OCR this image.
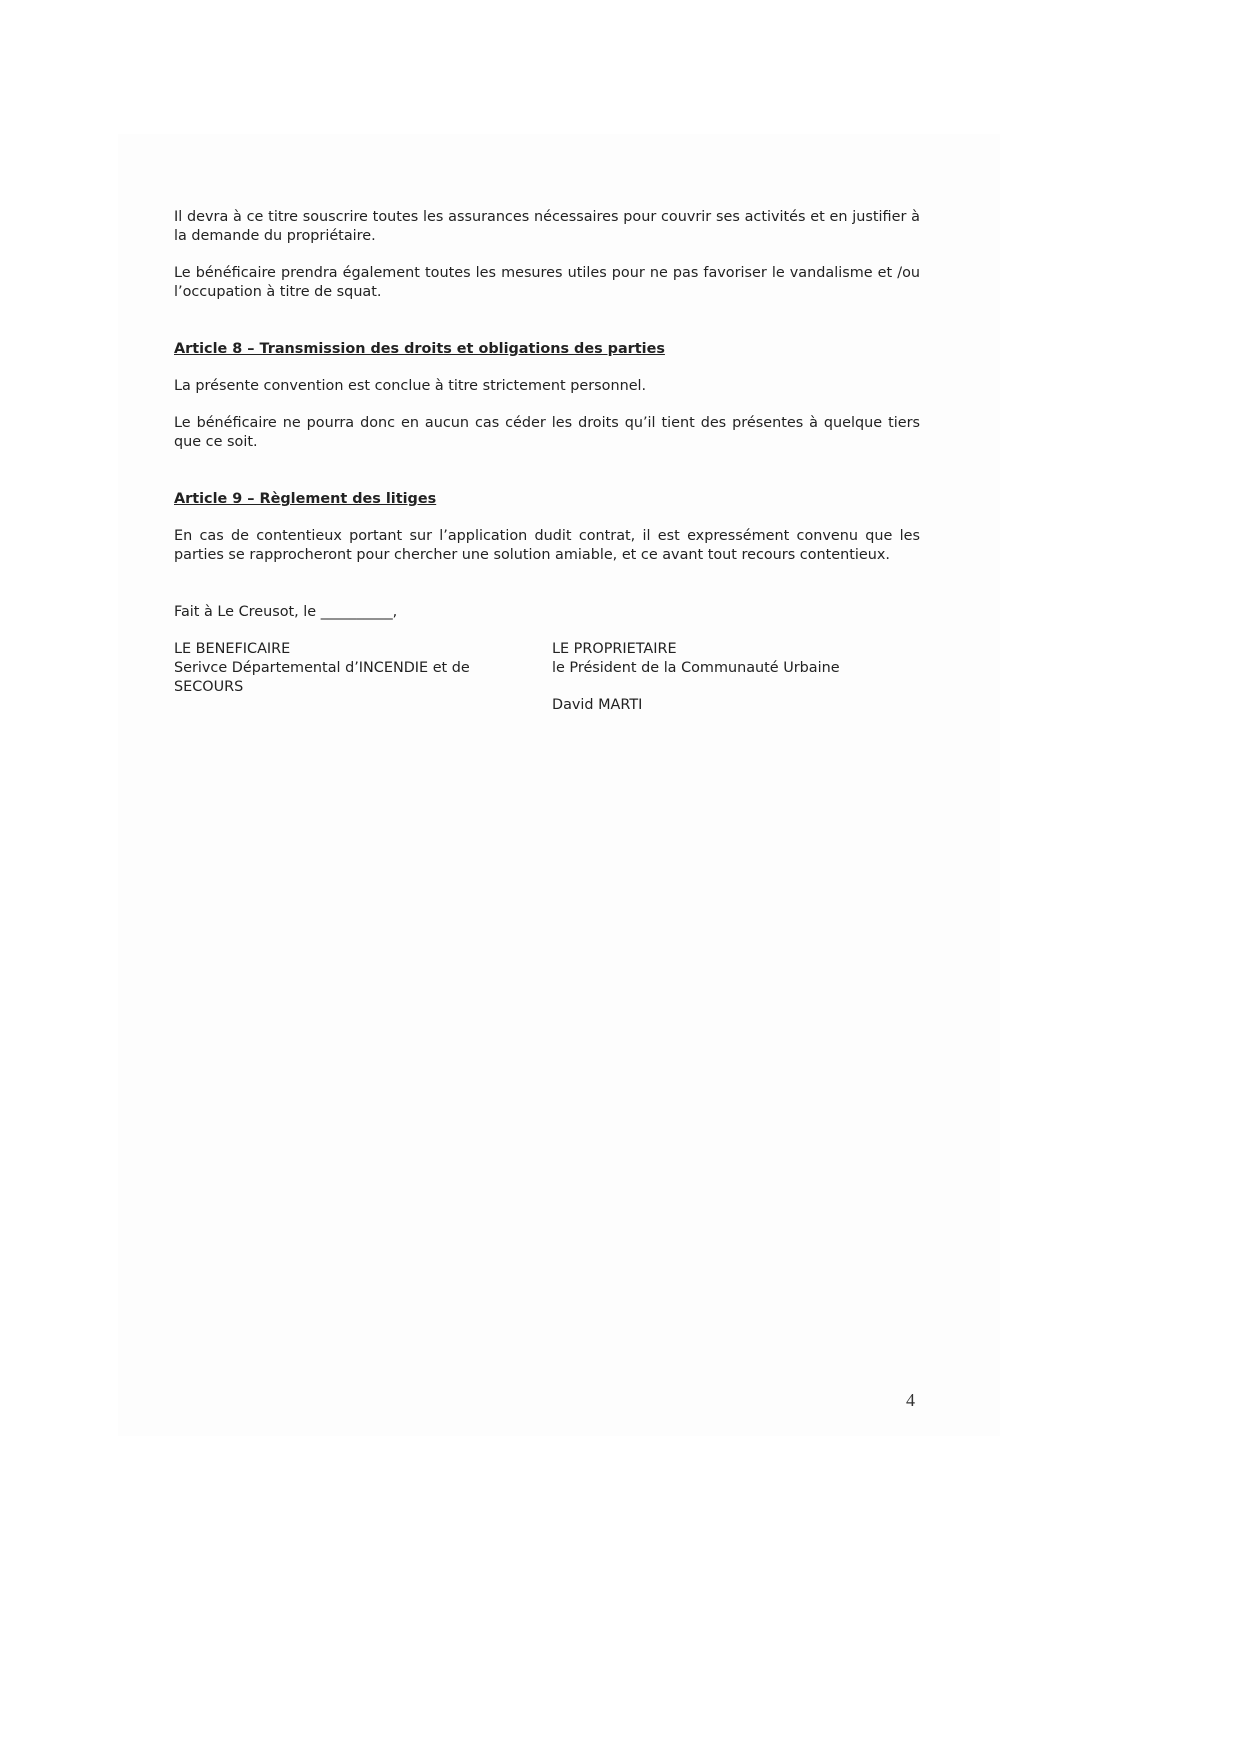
Il devra à ce titre souscrire toutes les assurances nécessaires pour couvrir ses activités et en justifier à la demande du propriétaire.

Le bénéficaire prendra également toutes les mesures utiles pour ne pas favoriser le vandalisme et /ou l’occupation à titre de squat.

Article 8 – Transmission des droits et obligations des parties

La présente convention est conclue à titre strictement personnel.

Le bénéficaire ne pourra donc en aucun cas céder les droits qu’il tient des présentes à quelque tiers que ce soit.

Article 9 – Règlement des litiges

En cas de contentieux portant sur l’application dudit contrat, il est expressément convenu que les parties se rapprocheront pour chercher une solution amiable, et ce avant tout recours contentieux.

Fait à Le Creusot, le __________,
LE BENEFICAIRE
Serivce Départemental d’INCENDIE et de
SECOURS
LE PROPRIETAIRE
le Président de la Communauté Urbaine
David MARTI
4
